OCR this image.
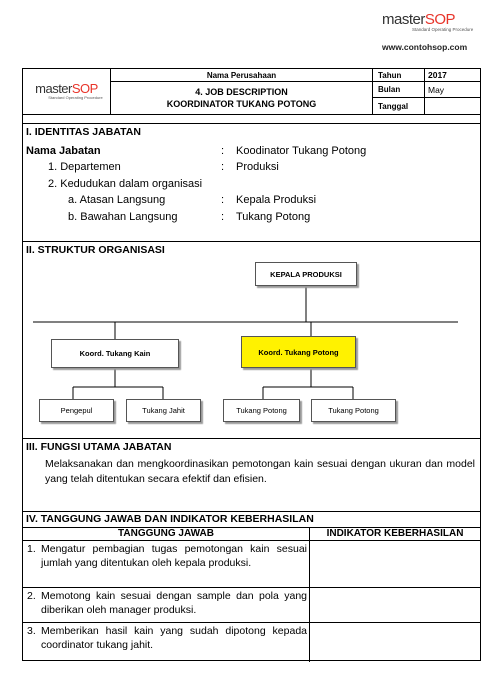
masterSOP
Standard Operating Procedure
www.contohsop.com
masterSOP
Standard Operating Procedure
Nama Perusahaan
4. JOB DESCRIPTION
KOORDINATOR TUKANG POTONG
Tahun	2017
Bulan	May
Tanggal
I. IDENTITAS JABATAN
Nama Jabatan	: Koodinator Tukang Potong
1. Departemen	: Produksi
2. Kedudukan dalam organisasi
a. Atasan Langsung	: Kepala Produksi
b. Bawahan Langsung	: Tukang Potong
II. STRUKTUR ORGANISASI
KEPALA PRODUKSI
Koord. Tukang Kain	Koord. Tukang Potong
Pengepul	Tukang Jahit	Tukang Potong	Tukang Potong
III. FUNGSI UTAMA JABATAN
Melaksanakan dan mengkoordinasikan pemotongan kain sesuai dengan ukuran dan model yang telah ditentukan secara efektif dan efisien.
IV. TANGGUNG JAWAB DAN INDIKATOR KEBERHASILAN
TANGGUNG JAWAB	INDIKATOR KEBERHASILAN
1. Mengatur pembagian tugas pemotongan kain sesuai jumlah yang ditentukan oleh kepala produksi.
2. Memotong kain sesuai dengan sample dan pola yang diberikan oleh manager produksi.
3. Memberikan hasil kain yang sudah dipotong kepada coordinator tukang jahit.
